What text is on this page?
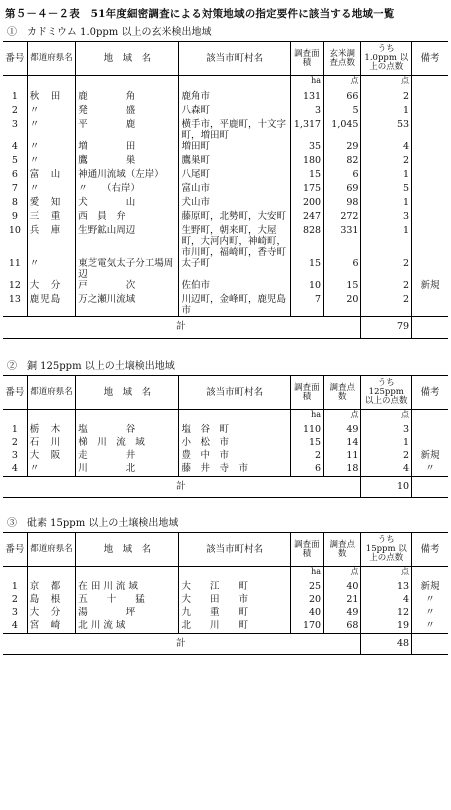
第５－４－２表　51年度細密調査による対策地域の指定要件に該当する地域一覧
①　カドミウム 1.0ppm 以上の玄米検出地域
番号	都道府県名	地　域　名	該当市町村名	調査面積	玄米調査点数	うち 1.0ppm 以上の点数	備考
				ha	点	点	
1	秋　田	鹿　　　　角	鹿角市	131	66	2	
2	〃	発　　　　盛	八森町	3	5	1	
3	〃	平　　　　鹿	横手市，平鹿町，十文字町，増田町	1,317	1,045	53	
4	〃	増　　　　田	増田町	35	29	4	
5	〃	鷹　　　　巣	鷹巣町	180	82	2	
6	富　山	神通川流域（左岸）	八尾町	15	6	1	
7	〃	〃　　（右岸）	富山市	175	69	5	
8	愛　知	犬　　　　山	犬山市	200	98	1	
9	三　重	西　員　弁	藤原町，北勢町，大安町	247	272	3	
10	兵　庫	生野鉱山周辺	生野町，朝来町，大屋町，大河内町，神崎町，市川町，福崎町，香寺町	828	331	1	
11	〃	東芝電気太子分工場周辺	太子町	15	6	2	
12	大　分	戸　　　　次	佐伯市	10	15	2	新規
13	鹿児島	万之瀬川流域	川辺町，金峰町，鹿児島市	7	20	2	
計						79	
②　銅 125ppm 以上の土壌検出地域
番号	都道府県名	地　域　名	該当市町村名	調査面積	調査点数	うち 125ppm 以上の点数	備考
				ha	点	点	
1	栃　木	塩　　　　谷	塩　谷　町	110	49	3	
2	石　川	梯　川　流　域	小　松　市	15	14	1	
3	大　阪	走　　　　井	豊　中　市	2	11	2	新規
4	〃	川　　　　北	藤　井　寺　市	6	18	4	〃
計						10	
③　砒素 15ppm 以上の土壌検出地域
番号	都道府県名	地　域　名	該当市町村名	調査面積	調査点数	うち 15ppm 以上の点数	備考
				ha	点	点	
1	京　都	在 田 川 流 域	大　　江　　町	25	40	13	新規
2	島　根	五　　十　　猛	大　　田　　市	20	21	4	〃
3	大　分	湯　　　　坪	九　　重　　町	40	49	12	〃
4	宮　崎	北 川 流 域	北　　川　　町	170	68	19	〃
計						48	
